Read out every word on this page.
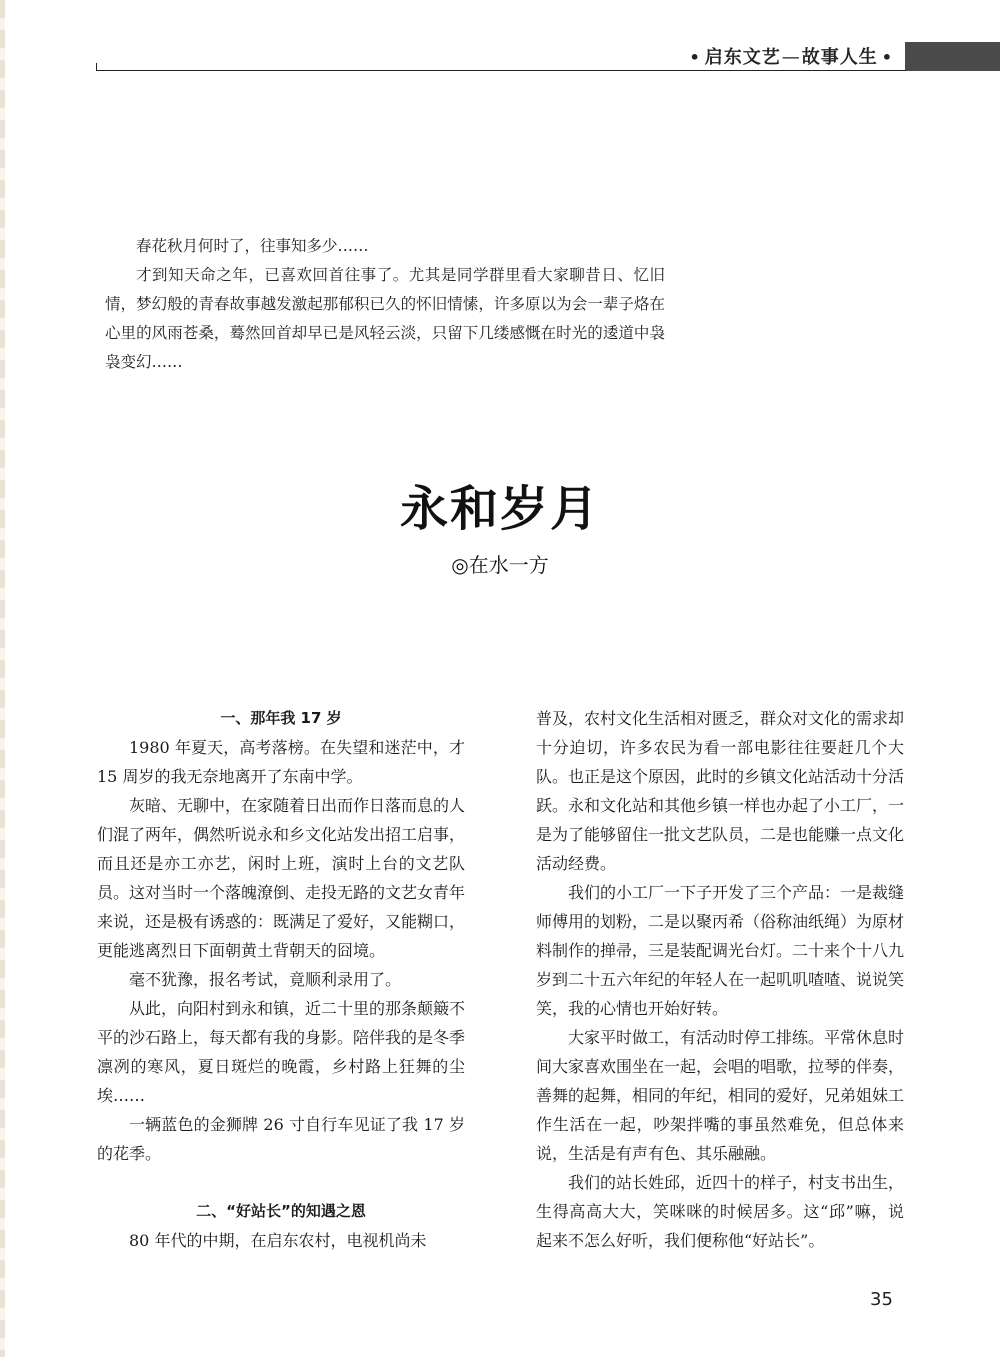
• 启东文艺—故事人生 •

春花秋月何时了，往事知多少……

才到知天命之年，已喜欢回首往事了。尤其是同学群里看大家聊昔日、忆旧情，梦幻般的青春故事越发激起那郁积已久的怀旧情愫，许多原以为会一辈子烙在心里的风雨苍桑，蓦然回首却早已是风轻云淡，只留下几缕感慨在时光的逶道中袅袅变幻……

永和岁月
◎在水一方
一、那年我 17 岁

1980 年夏天，高考落榜。在失望和迷茫中，才 15 周岁的我无奈地离开了东南中学。

灰暗、无聊中，在家随着日出而作日落而息的人们混了两年，偶然听说永和乡文化站发出招工启事，而且还是亦工亦艺，闲时上班，演时上台的文艺队员。这对当时一个落魄潦倒、走投无路的文艺女青年来说，还是极有诱惑的：既满足了爱好，又能糊口，更能逃离烈日下面朝黄土背朝天的囧境。

毫不犹豫，报名考试，竟顺利录用了。

从此，向阳村到永和镇，近二十里的那条颠簸不平的沙石路上，每天都有我的身影。陪伴我的是冬季凛冽的寒风，夏日斑烂的晚霞，乡村路上狂舞的尘埃……

一辆蓝色的金狮牌 26 寸自行车见证了我 17 岁的花季。

二、“好站长”的知遇之恩

80 年代的中期，在启东农村，电视机尚未

普及，农村文化生活相对匮乏，群众对文化的需求却十分迫切，许多农民为看一部电影往往要赶几个大队。也正是这个原因，此时的乡镇文化站活动十分活跃。永和文化站和其他乡镇一样也办起了小工厂，一是为了能够留住一批文艺队员，二是也能赚一点文化活动经费。

我们的小工厂一下子开发了三个产品：一是裁缝师傅用的划粉，二是以聚丙希（俗称油纸绳）为原材料制作的掸帚，三是装配调光台灯。二十来个十八九岁到二十五六年纪的年轻人在一起叽叽喳喳、说说笑笑，我的心情也开始好转。

大家平时做工，有活动时停工排练。平常休息时间大家喜欢围坐在一起，会唱的唱歌，拉琴的伴奏，善舞的起舞，相同的年纪，相同的爱好，兄弟姐妹工作生活在一起，吵架拌嘴的事虽然难免，但总体来说，生活是有声有色、其乐融融。

我们的站长姓邱，近四十的样子，村支书出生，生得高高大大，笑咪咪的时候居多。这“邱”嘛，说起来不怎么好听，我们便称他“好站长”。

35
